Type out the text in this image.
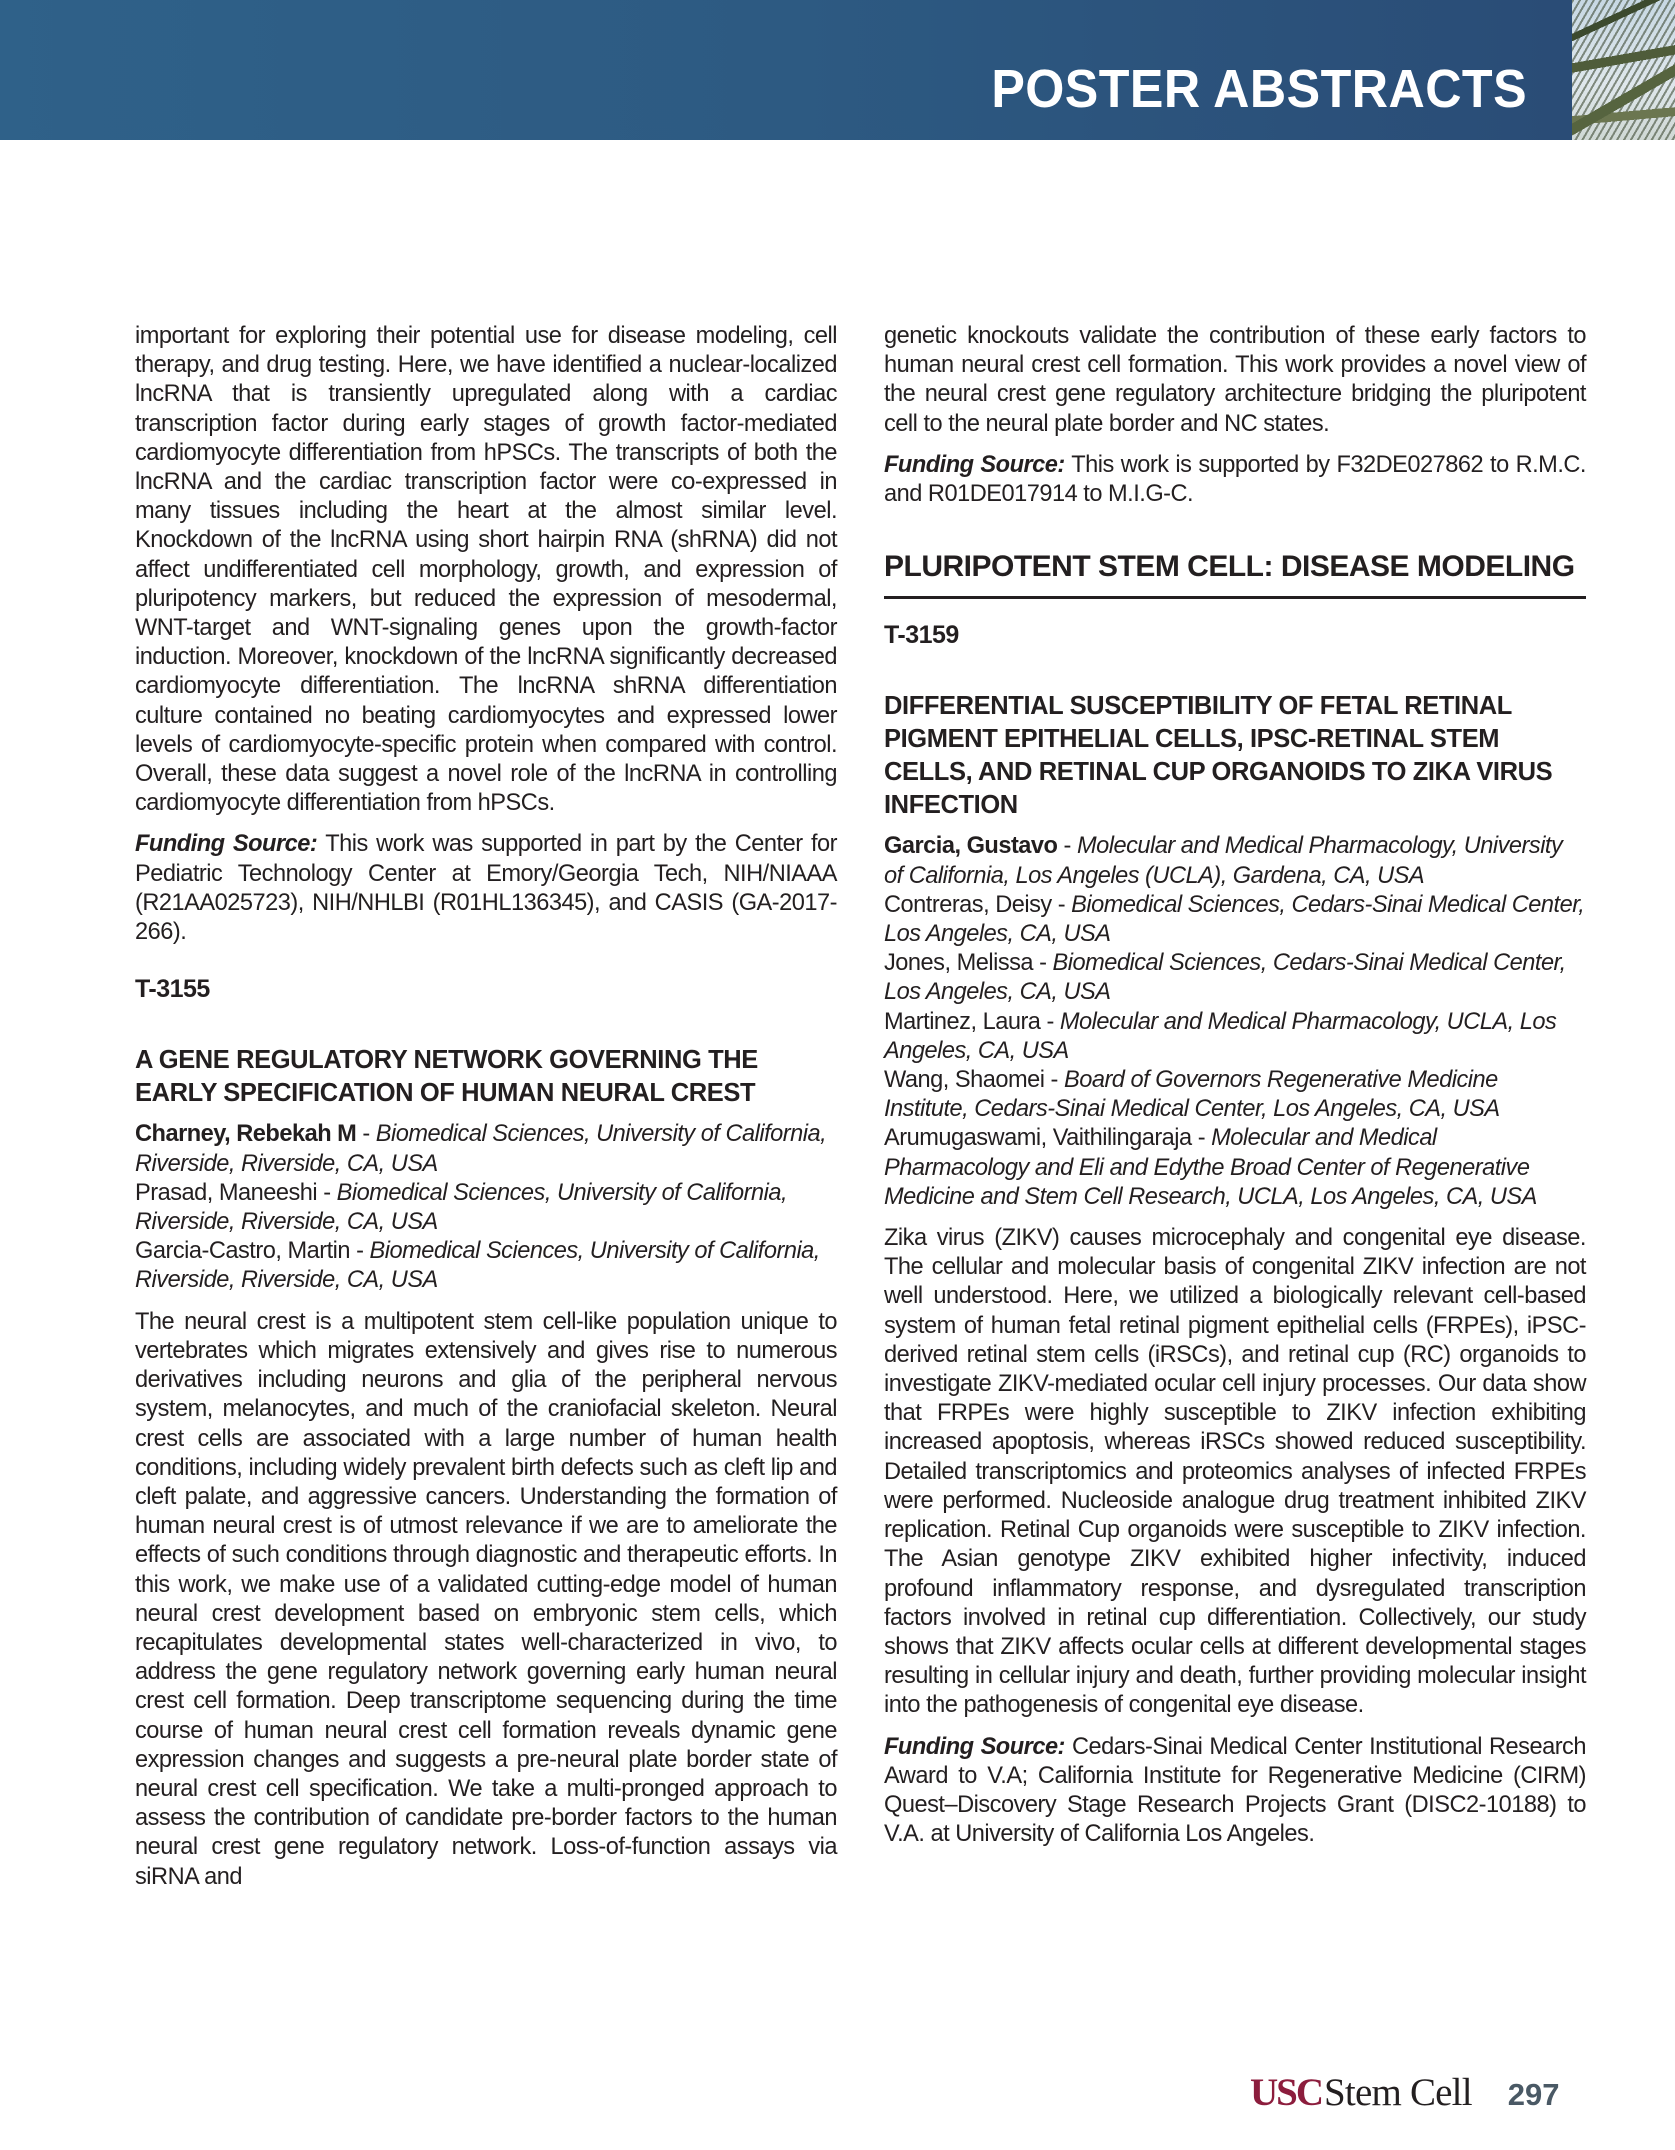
POSTER ABSTRACTS

important for exploring their potential use for disease modeling, cell therapy, and drug testing. Here, we have identified a nuclear-localized lncRNA that is transiently upregulated along with a cardiac transcription factor during early stages of growth factor-mediated cardiomyocyte differentiation from hPSCs. The transcripts of both the lncRNA and the cardiac transcription factor were co-expressed in many tissues including the heart at the almost similar level. Knockdown of the lncRNA using short hairpin RNA (shRNA) did not affect undifferentiated cell morphology, growth, and expression of pluripotency markers, but reduced the expression of mesodermal, WNT-target and WNT-signaling genes upon the growth-factor induction. Moreover, knockdown of the lncRNA significantly decreased cardiomyocyte differentiation. The lncRNA shRNA differentiation culture contained no beating cardiomyocytes and expressed lower levels of cardiomyocyte-specific protein when compared with control. Overall, these data suggest a novel role of the lncRNA in controlling cardiomyocyte differentiation from hPSCs.

Funding Source: This work was supported in part by the Center for Pediatric Technology Center at Emory/Georgia Tech, NIH/NIAAA (R21AA025723), NIH/NHLBI (R01HL136345), and CASIS (GA-2017-266).

T-3155
A GENE REGULATORY NETWORK GOVERNING THE EARLY SPECIFICATION OF HUMAN NEURAL CREST
Charney, Rebekah M - Biomedical Sciences, University of California, Riverside, Riverside, CA, USA
Prasad, Maneeshi - Biomedical Sciences, University of California, Riverside, Riverside, CA, USA
Garcia-Castro, Martin - Biomedical Sciences, University of California, Riverside, Riverside, CA, USA

The neural crest is a multipotent stem cell-like population unique to vertebrates which migrates extensively and gives rise to numerous derivatives including neurons and glia of the peripheral nervous system, melanocytes, and much of the craniofacial skeleton. Neural crest cells are associated with a large number of human health conditions, including widely prevalent birth defects such as cleft lip and cleft palate, and aggressive cancers. Understanding the formation of human neural crest is of utmost relevance if we are to ameliorate the effects of such conditions through diagnostic and therapeutic efforts. In this work, we make use of a validated cutting-edge model of human neural crest development based on embryonic stem cells, which recapitulates developmental states well-characterized in vivo, to address the gene regulatory network governing early human neural crest cell formation. Deep transcriptome sequencing during the time course of human neural crest cell formation reveals dynamic gene expression changes and suggests a pre-neural plate border state of neural crest cell specification. We take a multi-pronged approach to assess the contribution of candidate pre-border factors to the human neural crest gene regulatory network. Loss-of-function assays via siRNA and

genetic knockouts validate the contribution of these early factors to human neural crest cell formation. This work provides a novel view of the neural crest gene regulatory architecture bridging the pluripotent cell to the neural plate border and NC states.

Funding Source: This work is supported by F32DE027862 to R.M.C. and R01DE017914 to M.I.G-C.

PLURIPOTENT STEM CELL: DISEASE MODELING
T-3159
DIFFERENTIAL SUSCEPTIBILITY OF FETAL RETINAL PIGMENT EPITHELIAL CELLS, IPSC-RETINAL STEM CELLS, AND RETINAL CUP ORGANOIDS TO ZIKA VIRUS INFECTION
Garcia, Gustavo - Molecular and Medical Pharmacology, University of California, Los Angeles (UCLA), Gardena, CA, USA
Contreras, Deisy - Biomedical Sciences, Cedars-Sinai Medical Center, Los Angeles, CA, USA
Jones, Melissa - Biomedical Sciences, Cedars-Sinai Medical Center, Los Angeles, CA, USA
Martinez, Laura - Molecular and Medical Pharmacology, UCLA, Los Angeles, CA, USA
Wang, Shaomei - Board of Governors Regenerative Medicine Institute, Cedars-Sinai Medical Center, Los Angeles, CA, USA
Arumugaswami, Vaithilingaraja - Molecular and Medical Pharmacology and Eli and Edythe Broad Center of Regenerative Medicine and Stem Cell Research, UCLA, Los Angeles, CA, USA

Zika virus (ZIKV) causes microcephaly and congenital eye disease. The cellular and molecular basis of congenital ZIKV infection are not well understood. Here, we utilized a biologically relevant cell-based system of human fetal retinal pigment epithelial cells (FRPEs), iPSC-derived retinal stem cells (iRSCs), and retinal cup (RC) organoids to investigate ZIKV-mediated ocular cell injury processes. Our data show that FRPEs were highly susceptible to ZIKV infection exhibiting increased apoptosis, whereas iRSCs showed reduced susceptibility. Detailed transcriptomics and proteomics analyses of infected FRPEs were performed. Nucleoside analogue drug treatment inhibited ZIKV replication. Retinal Cup organoids were susceptible to ZIKV infection. The Asian genotype ZIKV exhibited higher infectivity, induced profound inflammatory response, and dysregulated transcription factors involved in retinal cup differentiation. Collectively, our study shows that ZIKV affects ocular cells at different developmental stages resulting in cellular injury and death, further providing molecular insight into the pathogenesis of congenital eye disease.

Funding Source: Cedars-Sinai Medical Center Institutional Research Award to V.A; California Institute for Regenerative Medicine (CIRM) Quest–Discovery Stage Research Projects Grant (DISC2-10188) to V.A. at University of California Los Angeles.

USC Stem Cell 297
